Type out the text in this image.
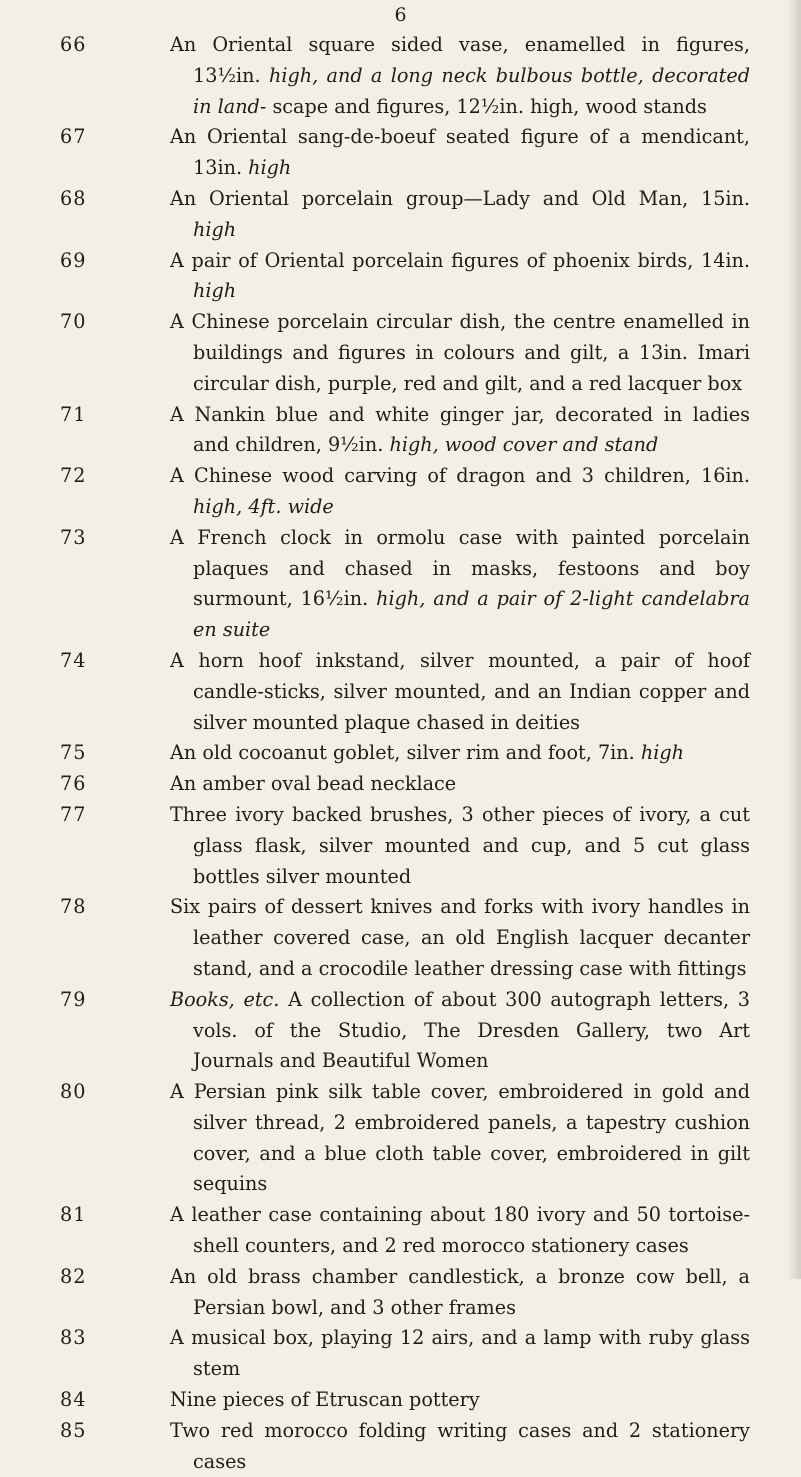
6
66	An Oriental square sided vase, enamelled in figures, 13½in. high, and a long neck bulbous bottle, decorated in land- scape and figures, 12½in. high, wood stands
67	An Oriental sang-de-boeuf seated figure of a mendicant, 13in. high
68	An Oriental porcelain group—Lady and Old Man, 15in. high
69	A pair of Oriental porcelain figures of phoenix birds, 14in. high
70	A Chinese porcelain circular dish, the centre enamelled in buildings and figures in colours and gilt, a 13in. Imari circular dish, purple, red and gilt, and a red lacquer box
71	A Nankin blue and white ginger jar, decorated in ladies and children, 9½in. high, wood cover and stand
72	A Chinese wood carving of dragon and 3 children, 16in. high, 4ft. wide
73	A French clock in ormolu case with painted porcelain plaques and chased in masks, festoons and boy surmount, 16½in. high, and a pair of 2-light candelabra en suite
74	A horn hoof inkstand, silver mounted, a pair of hoof candle-sticks, silver mounted, and an Indian copper and silver mounted plaque chased in deities
75	An old cocoanut goblet, silver rim and foot, 7in. high
76	An amber oval bead necklace
77	Three ivory backed brushes, 3 other pieces of ivory, a cut glass flask, silver mounted and cup, and 5 cut glass bottles silver mounted
78	Six pairs of dessert knives and forks with ivory handles in leather covered case, an old English lacquer decanter stand, and a crocodile leather dressing case with fittings
79	Books, etc. A collection of about 300 autograph letters, 3 vols. of the Studio, The Dresden Gallery, two Art Journals and Beautiful Women
80	A Persian pink silk table cover, embroidered in gold and silver thread, 2 embroidered panels, a tapestry cushion cover, and a blue cloth table cover, embroidered in gilt sequins
81	A leather case containing about 180 ivory and 50 tortoise-shell counters, and 2 red morocco stationery cases
82	An old brass chamber candlestick, a bronze cow bell, a Persian bowl, and 3 other frames
83	A musical box, playing 12 airs, and a lamp with ruby glass stem
84	Nine pieces of Etruscan pottery
85	Two red morocco folding writing cases and 2 stationery cases
